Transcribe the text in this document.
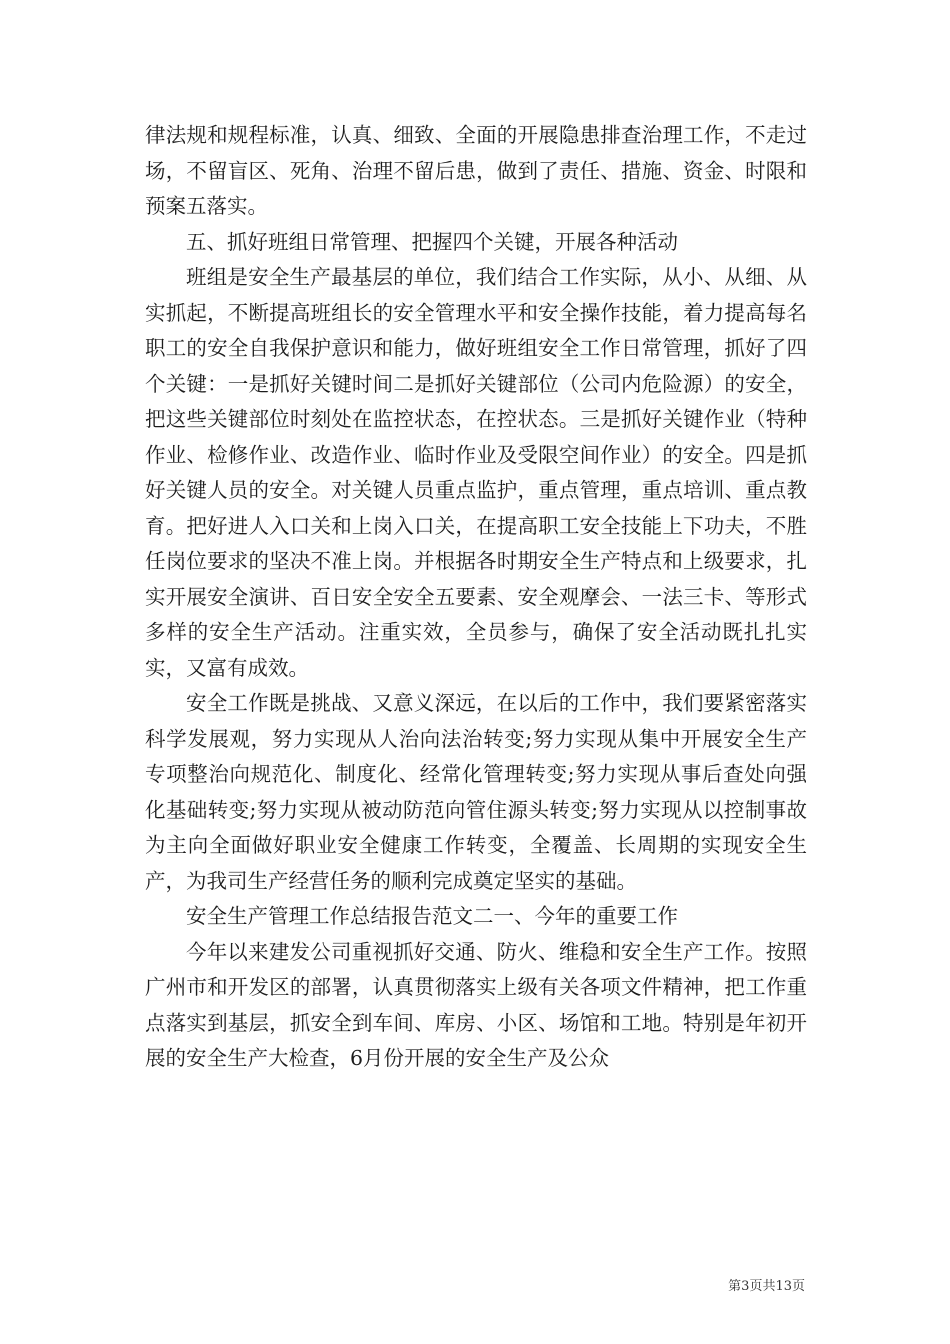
律法规和规程标准，认真、细致、全面的开展隐患排查治理工作，不走过场，不留盲区、死角、治理不留后患，做到了责任、措施、资金、时限和预案五落实。

五、抓好班组日常管理、把握四个关键，开展各种活动

班组是安全生产最基层的单位，我们结合工作实际，从小、从细、从实抓起，不断提高班组长的安全管理水平和安全操作技能，着力提高每名职工的安全自我保护意识和能力，做好班组安全工作日常管理，抓好了四个关键：一是抓好关键时间二是抓好关键部位（公司内危险源）的安全，把这些关键部位时刻处在监控状态，在控状态。三是抓好关键作业（特种作业、检修作业、改造作业、临时作业及受限空间作业）的安全。四是抓好关键人员的安全。对关键人员重点监护，重点管理，重点培训、重点教育。把好进人入口关和上岗入口关，在提高职工安全技能上下功夫，不胜任岗位要求的坚决不准上岗。并根据各时期安全生产特点和上级要求，扎实开展安全演讲、百日安全安全五要素、安全观摩会、一法三卡、等形式多样的安全生产活动。注重实效，全员参与，确保了安全活动既扎扎实实，又富有成效。

安全工作既是挑战、又意义深远，在以后的工作中，我们要紧密落实科学发展观，努力实现从人治向法治转变;努力实现从集中开展安全生产专项整治向规范化、制度化、经常化管理转变;努力实现从事后查处向强化基础转变;努力实现从被动防范向管住源头转变;努力实现从以控制事故为主向全面做好职业安全健康工作转变，全覆盖、长周期的实现安全生产，为我司生产经营任务的顺利完成奠定坚实的基础。

安全生产管理工作总结报告范文二一、今年的重要工作

今年以来建发公司重视抓好交通、防火、维稳和安全生产工作。按照广州市和开发区的部署，认真贯彻落实上级有关各项文件精神，把工作重点落实到基层，抓安全到车间、库房、小区、场馆和工地。特别是年初开展的安全生产大检查，6月份开展的安全生产及公众

第3页共13页
